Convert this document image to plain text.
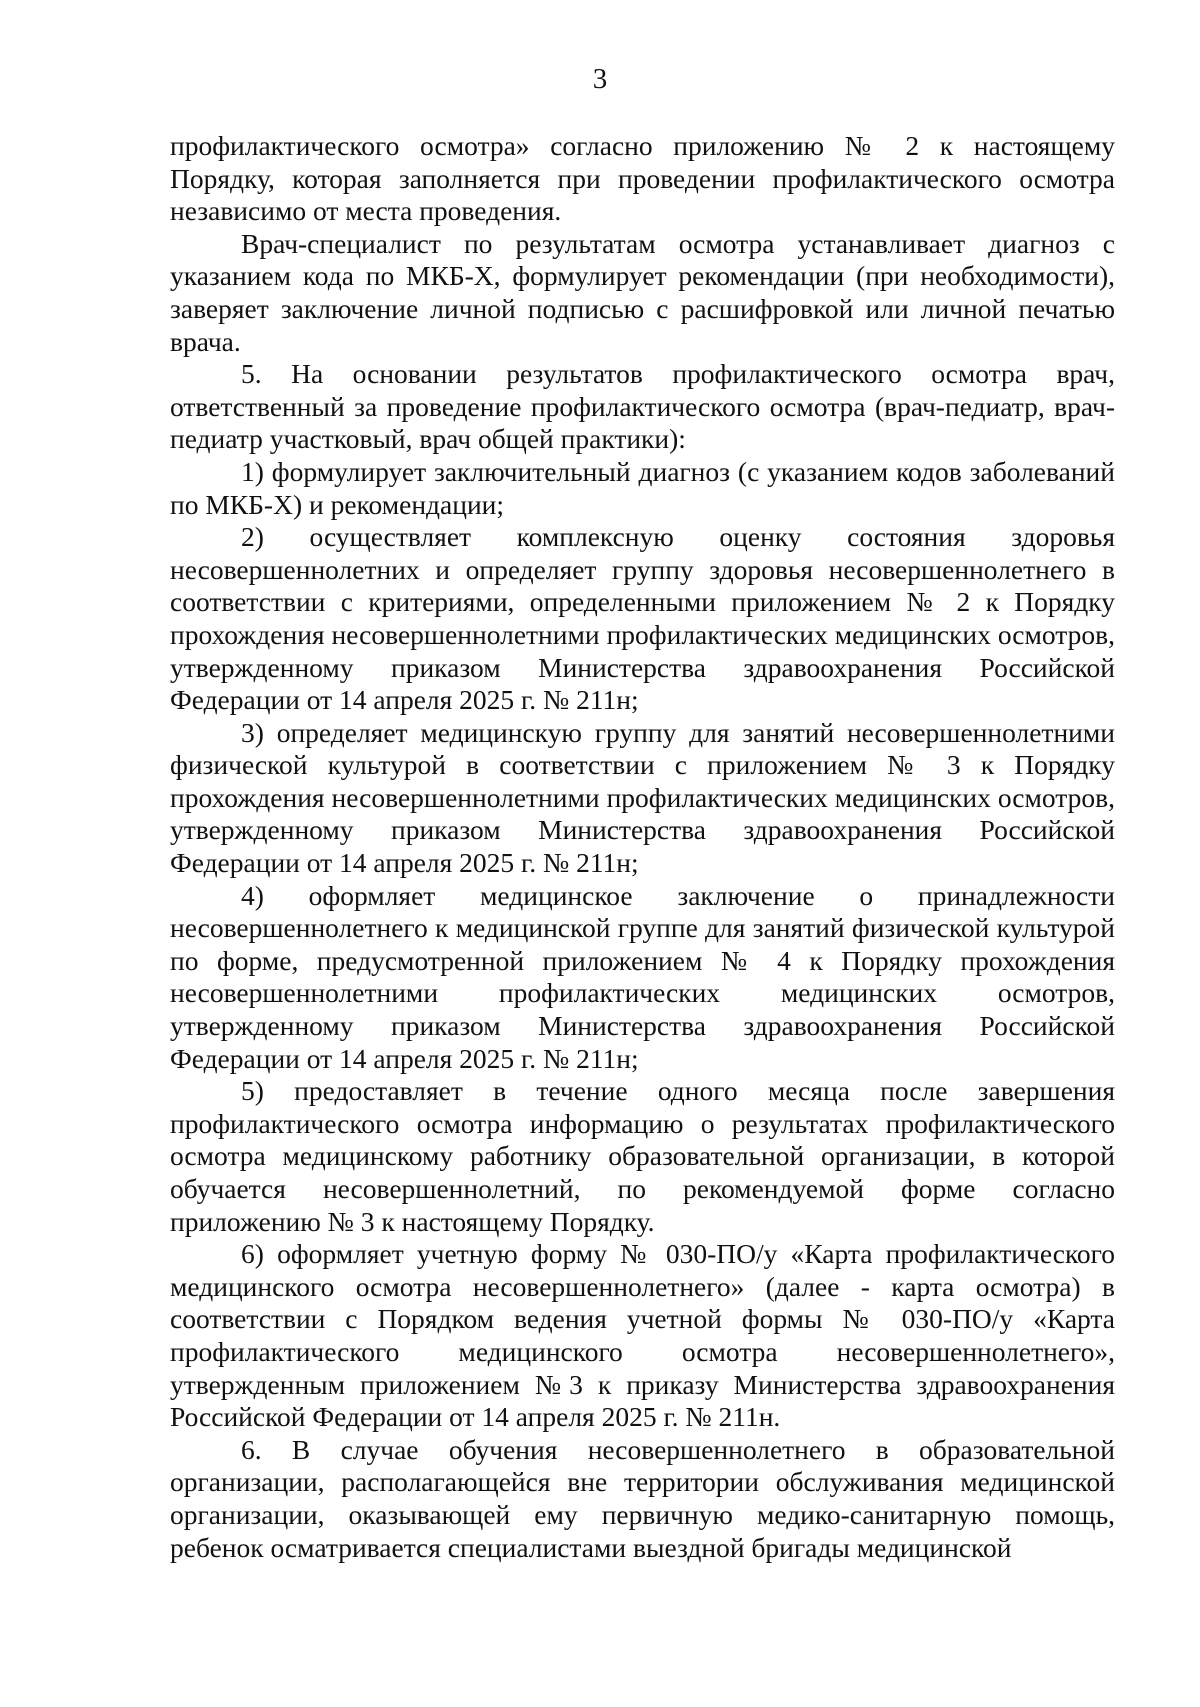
3

профилактического осмотра» согласно приложению № 2 к настоящему Порядку, которая заполняется при проведении профилактического осмотра независимо от места проведения.

Врач-специалист по результатам осмотра устанавливает диагноз с указанием кода по МКБ-Х, формулирует рекомендации (при необходимости), заверяет заключение личной подписью с расшифровкой или личной печатью врача.

5. На основании результатов профилактического осмотра врач, ответственный за проведение профилактического осмотра (врач-педиатр, врач-педиатр участковый, врач общей практики):

1) формулирует заключительный диагноз (с указанием кодов заболеваний по МКБ-Х) и рекомендации;

2) осуществляет комплексную оценку состояния здоровья несовершеннолетних и определяет группу здоровья несовершеннолетнего в соответствии с критериями, определенными приложением № 2 к Порядку прохождения несовершеннолетними профилактических медицинских осмотров, утвержденному приказом Министерства здравоохранения Российской Федерации от 14 апреля 2025 г. № 211н;

3) определяет медицинскую группу для занятий несовершеннолетними физической культурой в соответствии с приложением № 3 к Порядку прохождения несовершеннолетними профилактических медицинских осмотров, утвержденному приказом Министерства здравоохранения Российской Федерации от 14 апреля 2025 г. № 211н;

4) оформляет медицинское заключение о принадлежности несовершеннолетнего к медицинской группе для занятий физической культурой по форме, предусмотренной приложением № 4 к Порядку прохождения несовершеннолетними профилактических медицинских осмотров, утвержденному приказом Министерства здравоохранения Российской Федерации от 14 апреля 2025 г. № 211н;

5) предоставляет в течение одного месяца после завершения профилактического осмотра информацию о результатах профилактического осмотра медицинскому работнику образовательной организации, в которой обучается несовершеннолетний, по рекомендуемой форме согласно приложению № 3 к настоящему Порядку.

6) оформляет учетную форму № 030-ПО/у «Карта профилактического медицинского осмотра несовершеннолетнего» (далее - карта осмотра) в соответствии с Порядком ведения учетной формы № 030-ПО/у «Карта профилактического медицинского осмотра несовершеннолетнего», утвержденным приложением №3 к приказу Министерства здравоохранения Российской Федерации от 14 апреля 2025 г. № 211н.

6. В случае обучения несовершеннолетнего в образовательной организации, располагающейся вне территории обслуживания медицинской организации, оказывающей ему первичную медико-санитарную помощь, ребенок осматривается специалистами выездной бригады медицинской
